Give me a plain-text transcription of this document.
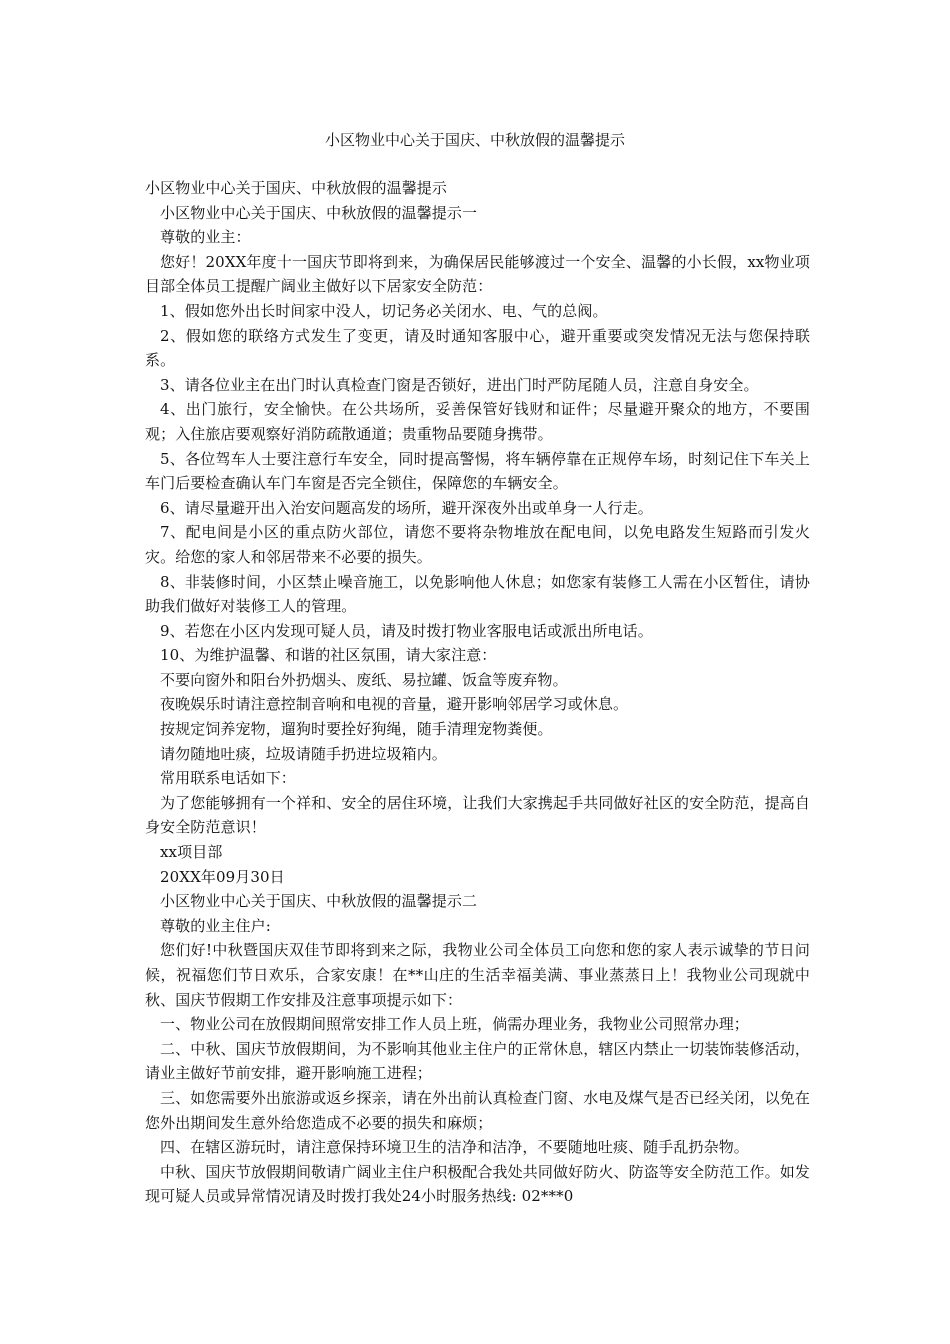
小区物业中心关于国庆、中秋放假的温馨提示

小区物业中心关于国庆、中秋放假的温馨提示

小区物业中心关于国庆、中秋放假的温馨提示一

尊敬的业主：

您好！20XX年度十一国庆节即将到来，为确保居民能够渡过一个安全、温馨的小长假，xx物业项目部全体员工提醒广阔业主做好以下居家安全防范：

1、假如您外出长时间家中没人，切记务必关闭水、电、气的总阀。

2、假如您的联络方式发生了变更，请及时通知客服中心，避开重要或突发情况无法与您保持联系。

3、请各位业主在出门时认真检查门窗是否锁好，进出门时严防尾随人员，注意自身安全。

4、出门旅行，安全愉快。在公共场所，妥善保管好钱财和证件；尽量避开聚众的地方，不要围观；入住旅店要观察好消防疏散通道；贵重物品要随身携带。

5、各位驾车人士要注意行车安全，同时提高警惕，将车辆停靠在正规停车场，时刻记住下车关上车门后要检查确认车门车窗是否完全锁住，保障您的车辆安全。

6、请尽量避开出入治安问题高发的场所，避开深夜外出或单身一人行走。

7、配电间是小区的重点防火部位，请您不要将杂物堆放在配电间，以免电路发生短路而引发火灾。给您的家人和邻居带来不必要的损失。

8、非装修时间，小区禁止噪音施工，以免影响他人休息；如您家有装修工人需在小区暂住，请协助我们做好对装修工人的管理。

9、若您在小区内发现可疑人员，请及时拨打物业客服电话或派出所电话。

10、为维护温馨、和谐的社区氛围，请大家注意：

不要向窗外和阳台外扔烟头、废纸、易拉罐、饭盒等废弃物。

夜晚娱乐时请注意控制音响和电视的音量，避开影响邻居学习或休息。

按规定饲养宠物，遛狗时要拴好狗绳，随手清理宠物粪便。

请勿随地吐痰，垃圾请随手扔进垃圾箱内。

常用联系电话如下：

为了您能够拥有一个祥和、安全的居住环境，让我们大家携起手共同做好社区的安全防范，提高自身安全防范意识！

xx项目部

20XX年09月30日

小区物业中心关于国庆、中秋放假的温馨提示二

尊敬的业主住户:

您们好!中秋暨国庆双佳节即将到来之际，我物业公司全体员工向您和您的家人表示诚挚的节日问候，祝福您们节日欢乐，合家安康！在**山庄的生活幸福美满、事业蒸蒸日上！我物业公司现就中秋、国庆节假期工作安排及注意事项提示如下：

一、物业公司在放假期间照常安排工作人员上班，倘需办理业务，我物业公司照常办理；

二、中秋、国庆节放假期间，为不影响其他业主住户的正常休息，辖区内禁止一切装饰装修活动，请业主做好节前安排，避开影响施工进程；

三、如您需要外出旅游或返乡探亲，请在外出前认真检查门窗、水电及煤气是否已经关闭，以免在您外出期间发生意外给您造成不必要的损失和麻烦；

四、在辖区游玩时，请注意保持环境卫生的洁净和洁净，不要随地吐痰、随手乱扔杂物。

中秋、国庆节放假期间敬请广阔业主住户积极配合我处共同做好防火、防盗等安全防范工作。如发现可疑人员或异常情况请及时拨打我处24小时服务热线: 02***0
